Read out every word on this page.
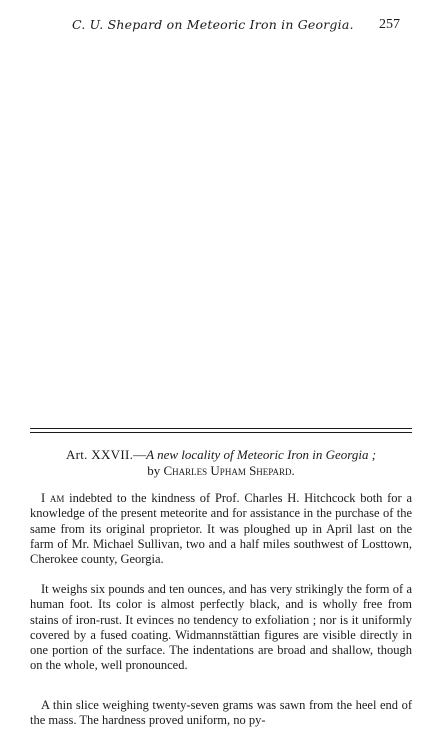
C. U. Shepard on Meteoric Iron in Georgia. 257
Art. XXVII.—A new locality of Meteoric Iron in Georgia ;
by Charles Upham Shepard.

I am indebted to the kindness of Prof. Charles H. Hitchcock both for a knowledge of the present meteorite and for assistance in the purchase of the same from its original proprietor. It was ploughed up in April last on the farm of Mr. Michael Sullivan, two and a half miles southwest of Losttown, Cherokee county, Georgia.

It weighs six pounds and ten ounces, and has very strikingly the form of a human foot. Its color is almost perfectly black, and is wholly free from stains of iron-rust. It evinces no tendency to exfoliation ; nor is it uniformly covered by a fused coating. Widmannstättian figures are visible directly in one portion of the surface. The indentations are broad and shallow, though on the whole, well pronounced.

A thin slice weighing twenty-seven grams was sawn from the heel end of the mass. The hardness proved uniform, no py-
